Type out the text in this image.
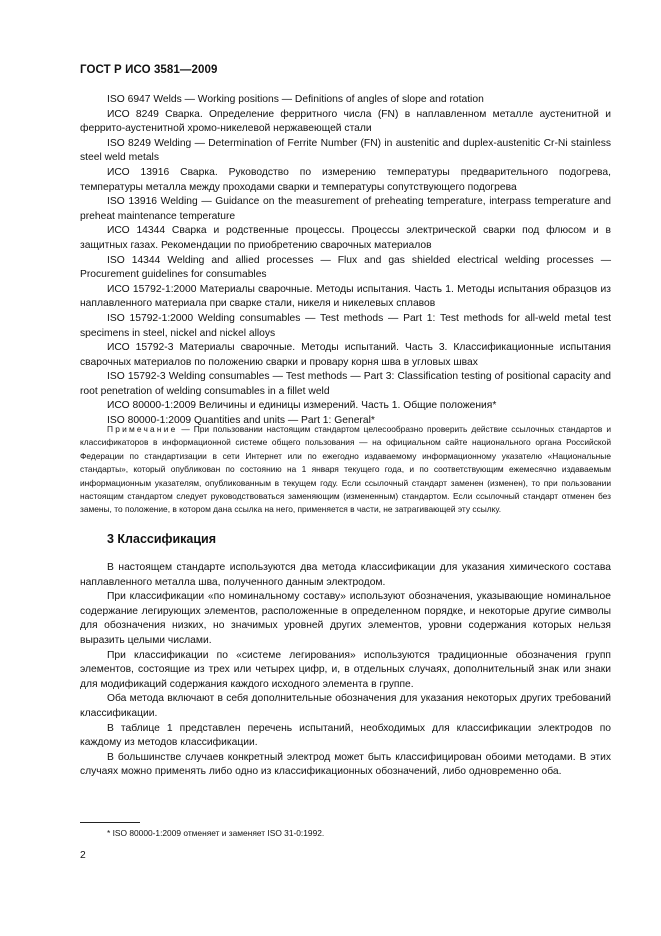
ГОСТ Р ИСО 3581—2009

ISO 6947 Welds — Working positions — Definitions of angles of slope and rotation

ИСО 8249 Сварка. Определение ферритного числа (FN) в наплавленном металле аустенитной и феррито-аустенитной хромо-никелевой нержавеющей стали

ISO 8249 Welding — Determination of Ferrite Number (FN) in austenitic and duplex-austenitic Cr-Ni stainless steel weld metals

ИСО 13916 Сварка. Руководство по измерению температуры предварительного подогрева, температуры металла между проходами сварки и температуры сопутствующего подогрева

ISO 13916 Welding — Guidance on the measurement of preheating temperature, interpass temperature and preheat maintenance temperature

ИСО 14344 Сварка и родственные процессы. Процессы электрической сварки под флюсом и в защитных газах. Рекомендации по приобретению сварочных материалов

ISO 14344 Welding and allied processes — Flux and gas shielded electrical welding processes — Procurement guidelines for consumables

ИСО 15792-1:2000 Материалы сварочные. Методы испытания. Часть 1. Методы испытания образцов из наплавленного материала при сварке стали, никеля и никелевых сплавов

ISO 15792-1:2000 Welding consumables — Test methods — Part 1: Test methods for all-weld metal test specimens in steel, nickel and nickel alloys

ИСО 15792-3 Материалы сварочные. Методы испытаний. Часть 3. Классификационные испытания сварочных материалов по положению сварки и провару корня шва в угловых швах

ISO 15792-3 Welding consumables — Test methods — Part 3: Classification testing of positional capacity and root penetration of welding consumables in a fillet weld

ИСО 80000-1:2009 Величины и единицы измерений. Часть 1. Общие положения*

ISO 80000-1:2009 Quantities and units — Part 1: General*

Примечание — При пользовании настоящим стандартом целесообразно проверить действие ссылочных стандартов и классификаторов в информационной системе общего пользования — на официальном сайте национального органа Российской Федерации по стандартизации в сети Интернет или по ежегодно издаваемому информационному указателю «Национальные стандарты», который опубликован по состоянию на 1 января текущего года, и по соответствующим ежемесячно издаваемым информационным указателям, опубликованным в текущем году. Если ссылочный стандарт заменен (изменен), то при пользовании настоящим стандартом следует руководствоваться заменяющим (измененным) стандартом. Если ссылочный стандарт отменен без замены, то положение, в котором дана ссылка на него, применяется в части, не затрагивающей эту ссылку.

3 Классификация

В настоящем стандарте используются два метода классификации для указания химического состава наплавленного металла шва, полученного данным электродом.

При классификации «по номинальному составу» используют обозначения, указывающие номинальное содержание легирующих элементов, расположенные в определенном порядке, и некоторые другие символы для обозначения низких, но значимых уровней других элементов, уровни содержания которых нельзя выразить целыми числами.

При классификации по «системе легирования» используются традиционные обозначения групп элементов, состоящие из трех или четырех цифр, и, в отдельных случаях, дополнительный знак или знаки для модификаций содержания каждого исходного элемента в группе.

Оба метода включают в себя дополнительные обозначения для указания некоторых других требований классификации.

В таблице 1 представлен перечень испытаний, необходимых для классификации электродов по каждому из методов классификации.

В большинстве случаев конкретный электрод может быть классифицирован обоими методами. В этих случаях можно применять либо одно из классификационных обозначений, либо одновременно оба.

* ISO 80000-1:2009 отменяет и заменяет ISO 31-0:1992.
2
